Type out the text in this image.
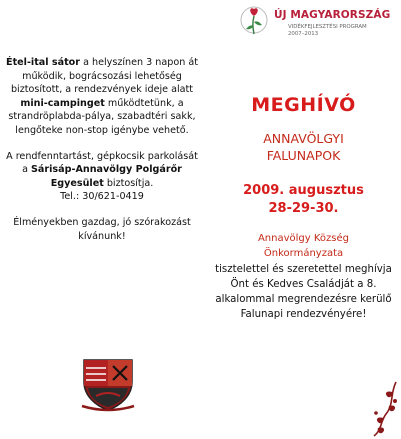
Étel-ital sátor a helyszínen 3 napon át működik, bográcsozási lehetőség biztosított, a rendezvények ideje alatt mini-campinget működtetünk, a strandröplabda-pálya, szabadtéri sakk, lengőteke non-stop igénybe vehető.

A rendfenntartást, gépkocsik parkolását a Sárisáp-Annavölgy Polgárőr Egyesület biztosítja.
Tel.: 30/621-0419

Élményekben gazdag, jó szórakozást kívánunk!

ÚJ MAGYARORSZÁG
VIDÉKFEJLESZTÉSI PROGRAM
2007–2013
MEGHÍVÓ
ANNAVÖLGYI
FALUNAPOK
2009. augusztus
28-29-30.
Annavölgy Község
Önkormányzata
tisztelettel és szeretettel meghívja Önt és Kedves Családját a 8. alkalommal megrendezésre kerülő Falunapi rendezvényére!
